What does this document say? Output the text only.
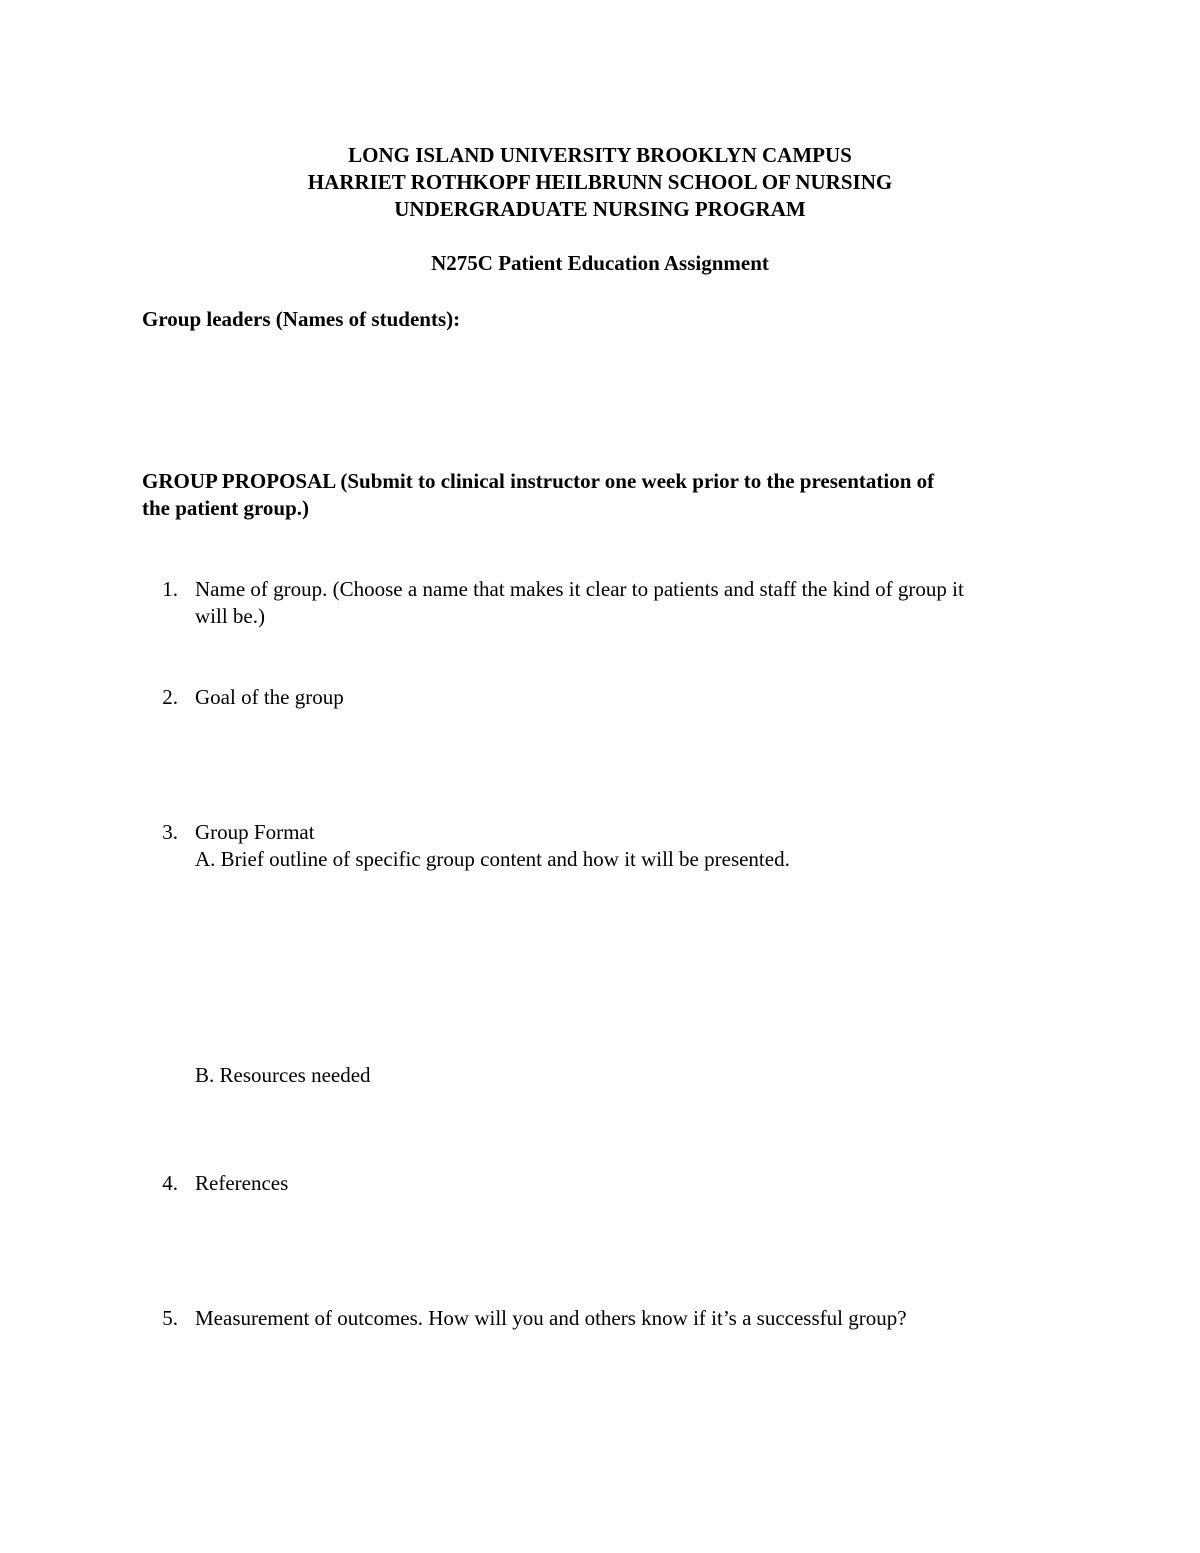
LONG ISLAND UNIVERSITY BROOKLYN CAMPUS
HARRIET ROTHKOPF HEILBRUNN SCHOOL OF NURSING
UNDERGRADUATE NURSING PROGRAM
N275C Patient Education Assignment
Group leaders (Names of students):
GROUP PROPOSAL (Submit to clinical instructor one week prior to the presentation of
the patient group.)
1. Name of group. (Choose a name that makes it clear to patients and staff the kind of group it
will be.)
2. Goal of the group
3. Group Format
A. Brief outline of specific group content and how it will be presented.
B. Resources needed
4. References
5. Measurement of outcomes. How will you and others know if it’s a successful group?
